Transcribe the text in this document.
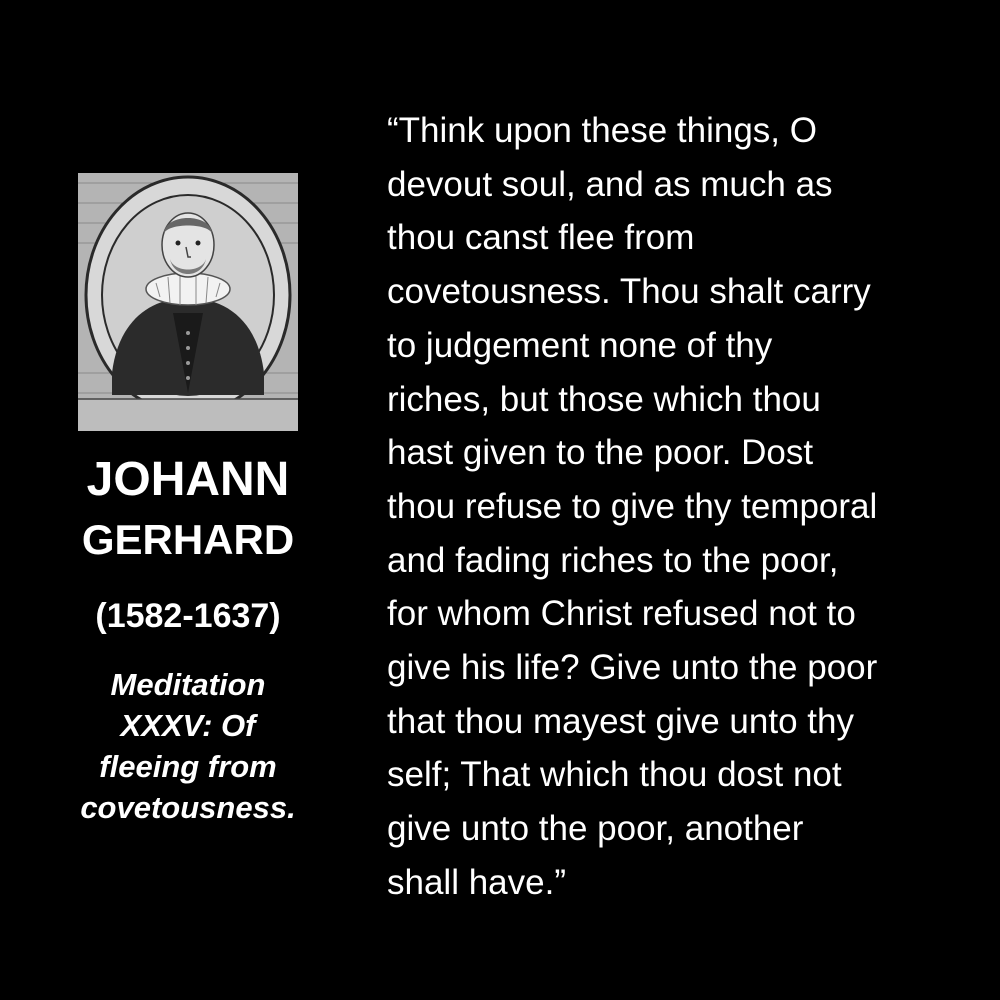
JOHANN
GERHARD
(1582-1637)
Meditation
XXXV: Of
fleeing from
covetousness.

“Think upon these things, O
devout soul, and as much as
thou canst flee from
covetousness. Thou shalt carry
to judgement none of thy
riches, but those which thou
hast given to the poor. Dost
thou refuse to give thy temporal
and fading riches to the poor,
for whom Christ refused not to
give his life? Give unto the poor
that thou mayest give unto thy
self; That which thou dost not
give unto the poor, another
shall have.”
